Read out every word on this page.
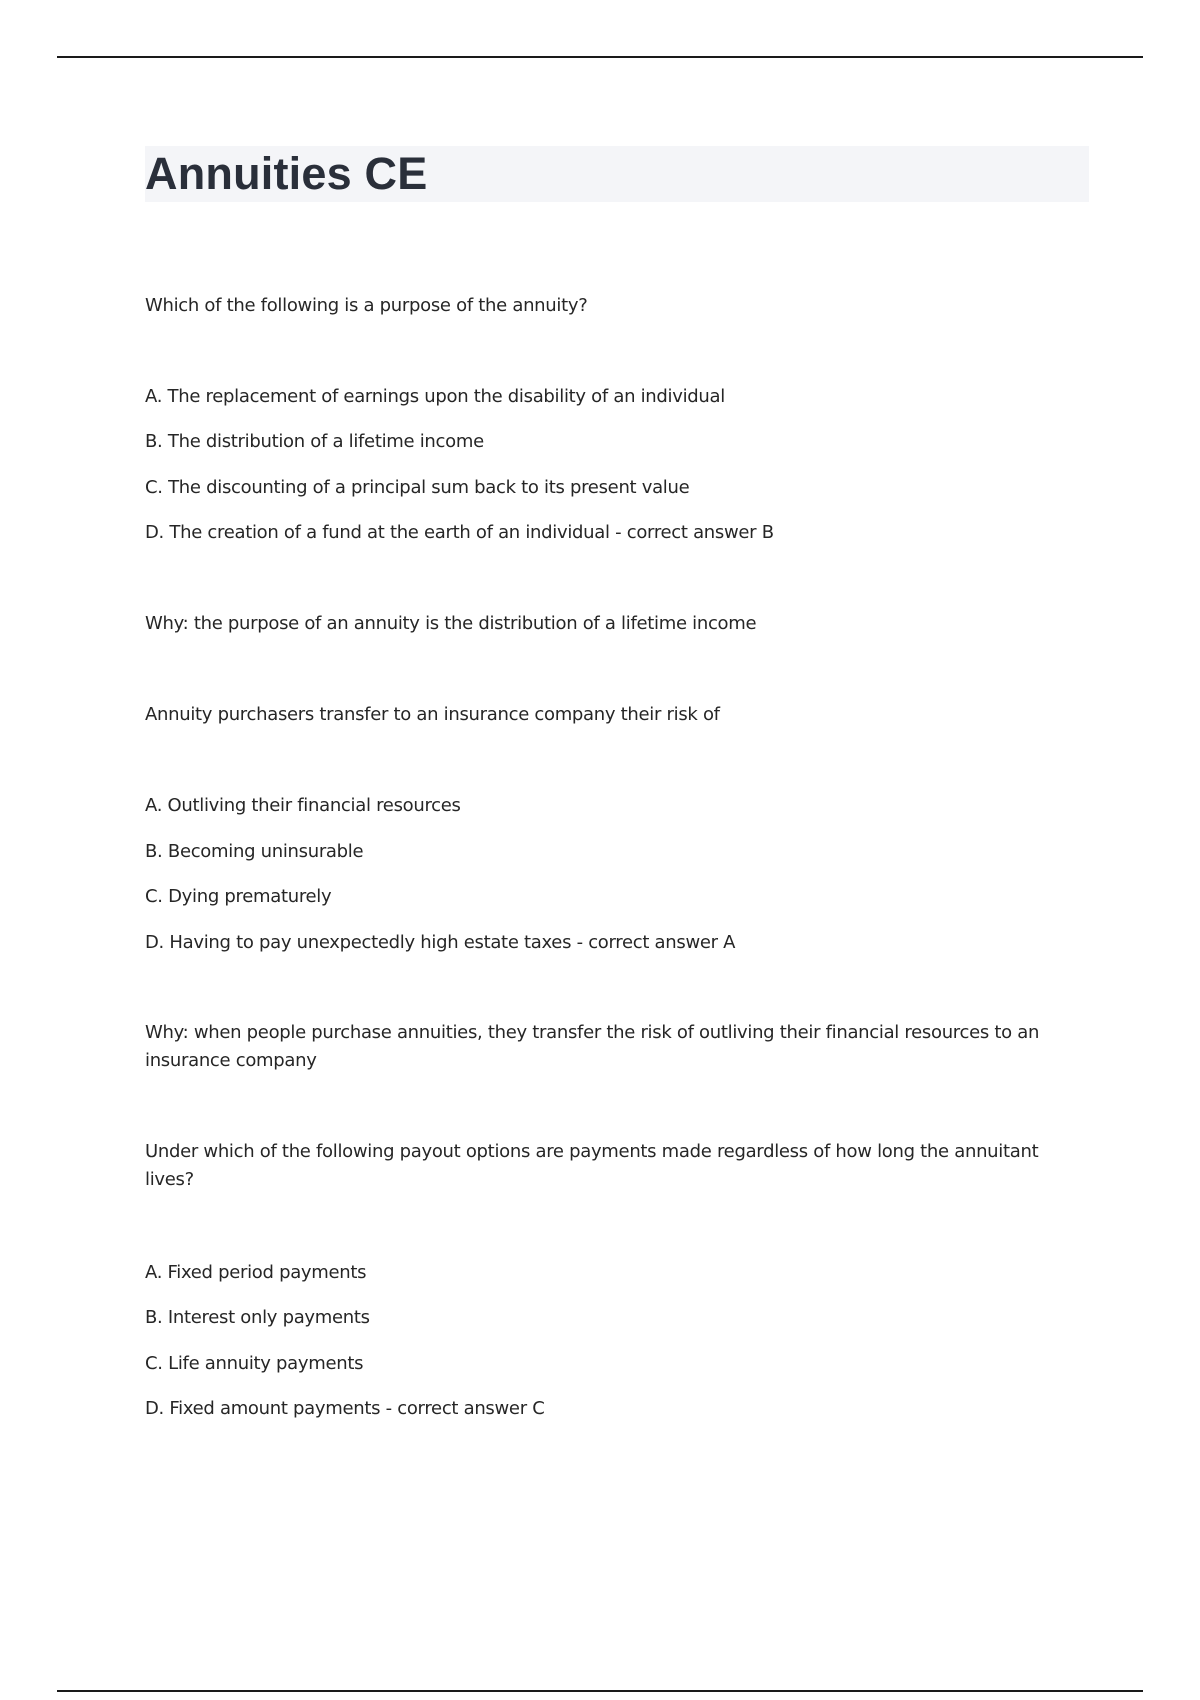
Annuities CE

Which of the following is a purpose of the annuity?

A. The replacement of earnings upon the disability of an individual

B. The distribution of a lifetime income

C. The discounting of a principal sum back to its present value

D. The creation of a fund at the earth of an individual - correct answer B

Why: the purpose of an annuity is the distribution of a lifetime income

Annuity purchasers transfer to an insurance company their risk of

A. Outliving their financial resources

B. Becoming uninsurable

C. Dying prematurely

D. Having to pay unexpectedly high estate taxes - correct answer A

Why: when people purchase annuities, they transfer the risk of outliving their financial resources to an insurance company

Under which of the following payout options are payments made regardless of how long the annuitant lives?

A. Fixed period payments

B. Interest only payments

C. Life annuity payments

D. Fixed amount payments - correct answer C
